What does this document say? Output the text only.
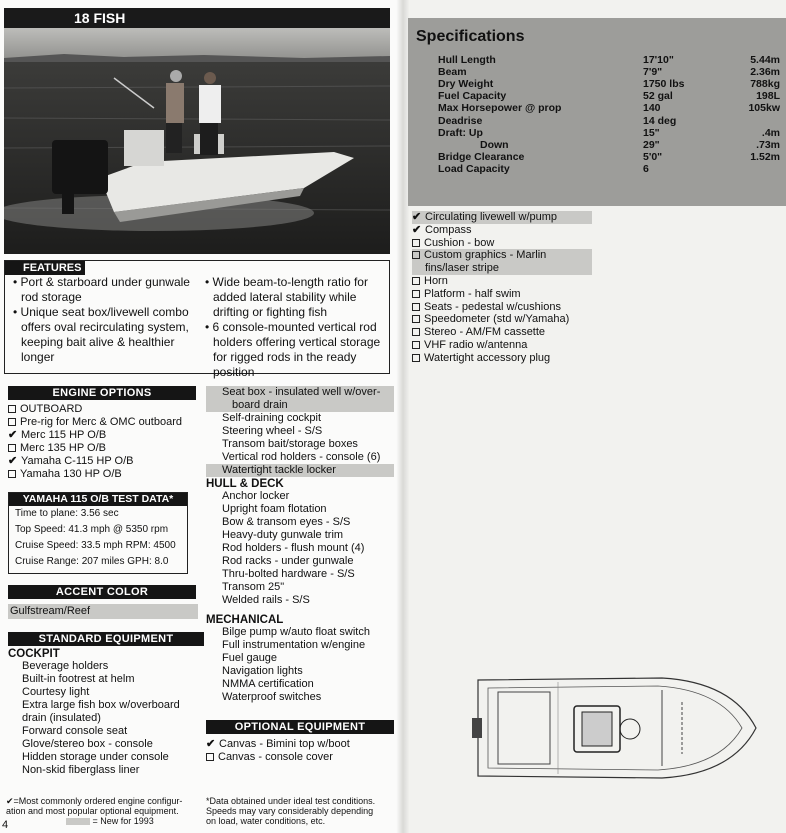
18 FISH
FEATURES
• Port & starboard under gunwale rod storage
• Unique seat box/livewell combo offers oval recirculating system, keeping bait alive & healthier longer
• Wide beam-to-length ratio for added lateral stability while drifting or fighting fish
• 6 console-mounted vertical rod holders offering vertical storage for rigged rods in the ready position
ENGINE OPTIONS
OUTBOARD
Pre-rig for Merc & OMC outboard
✔ Merc 115 HP O/B
Merc 135 HP O/B
✔ Yamaha C-115 HP O/B
Yamaha 130 HP O/B
YAMAHA 115 O/B TEST DATA*
Time to plane: 3.56 sec
Top Speed: 41.3 mph @ 5350 rpm
Cruise Speed: 33.5 mph RPM: 4500
Cruise Range: 207 miles GPH: 8.0
ACCENT COLOR
Gulfstream/Reef
STANDARD EQUIPMENT
COCKPIT
Beverage holders
Built-in footrest at helm
Courtesy light
Extra large fish box w/overboard
drain (insulated)
Forward console seat
Glove/stereo box - console
Hidden storage under console
Non-skid fiberglass liner
Seat box - insulated well w/over-
board drain
Self-draining cockpit
Steering wheel - S/S
Transom bait/storage boxes
Vertical rod holders - console (6)
Watertight tackle locker
HULL & DECK
Anchor locker
Upright foam flotation
Bow & transom eyes - S/S
Heavy-duty gunwale trim
Rod holders - flush mount (4)
Rod racks - under gunwale
Thru-bolted hardware - S/S
Transom 25"
Welded rails - S/S
MECHANICAL
Bilge pump w/auto float switch
Full instrumentation w/engine
Fuel gauge
Navigation lights
NMMA certification
Waterproof switches
OPTIONAL EQUIPMENT
✔ Canvas - Bimini top w/boot
Canvas - console cover
✔=Most commonly ordered engine configur-
ation and most popular optional equipment.
= New for 1993
*Data obtained under ideal test conditions.
Speeds may vary considerably depending
on load, water conditions, etc.
4
Specifications
Hull Length	17'10"	5.44m
Beam	7'9"	2.36m
Dry Weight	1750 lbs	788kg
Fuel Capacity	52 gal	198L
Max Horsepower @ prop	140	105kw
Deadrise	14 deg
Draft: Up	15"	.4m
Down	29"	.73m
Bridge Clearance	5'0"	1.52m
Load Capacity	6
✔ Circulating livewell w/pump
✔ Compass
Cushion - bow
Custom graphics - Marlin
fins/laser stripe
Horn
Platform - half swim
Seats - pedestal w/cushions
Speedometer (std w/Yamaha)
Stereo - AM/FM cassette
VHF radio w/antenna
Watertight accessory plug
